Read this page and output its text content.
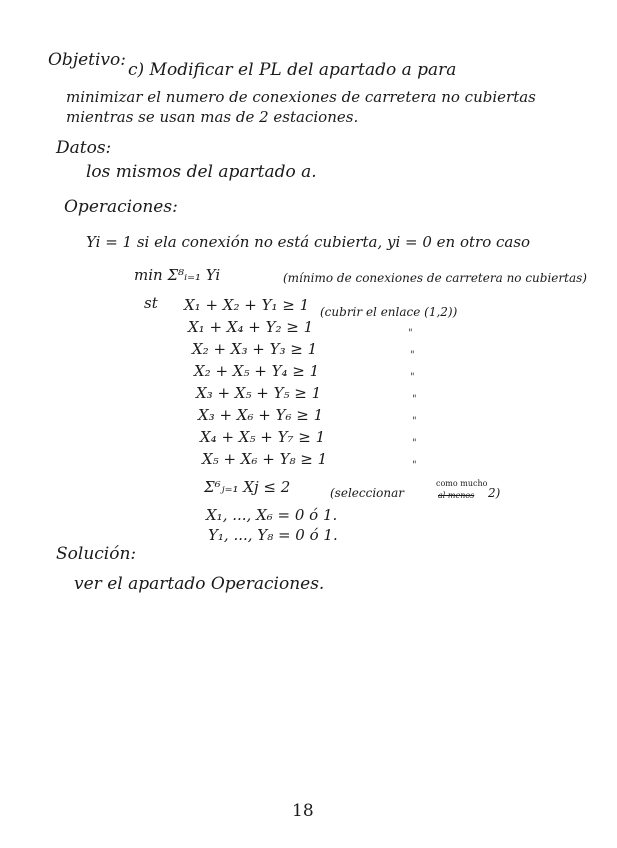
Objetivo: c) Modificar el PL del apartado a para
minimizar el numero de conexiones de carretera no cubiertas
mientras se usan mas de 2 estaciones.
Datos:
los mismos del apartado a.
Operaciones:
Yi = 1 si ela conexión no está cubierta, yi = 0 en otro caso
min Σ⁸ᵢ₌₁ Yi	(mínimo de conexiones de carretera no cubiertas)
st X₁ + X₂ + Y₁ ≥ 1 (cubrir el enlace (1,2))
X₁ + X₄ + Y₂ ≥ 1	"
X₂ + X₃ + Y₃ ≥ 1	"
X₂ + X₅ + Y₄ ≥ 1	"
X₃ + X₅ + Y₅ ≥ 1	"
X₃ + X₆ + Y₆ ≥ 1	"
X₄ + X₅ + Y₇ ≥ 1	"
X₅ + X₆ + Y₈ ≥ 1	"
Σ⁶ⱼ₌₁ Xj ≤ 2	(seleccionar
como mucho
al menos 2)
X₁, ..., X₆ = 0 ó 1.
Y₁, ..., Y₈ = 0 ó 1.
Solución:
ver el apartado Operaciones.
18
